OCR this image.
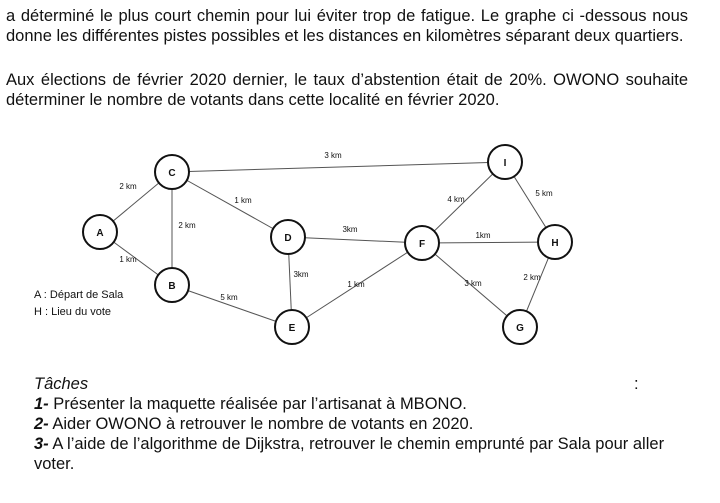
a déterminé le plus court chemin pour lui éviter trop de fatigue. Le graphe ci -dessous nous donne les différentes pistes possibles et les distances en kilomètres séparant deux quartiers.
Aux élections de février 2020 dernier, le taux d’abstention était de 20%. OWONO souhaite déterminer le nombre de votants dans cette localité en février 2020.
2 km
1 km
2 km
1 km
3 km
5 km
3km
3km
1 km
4 km
1km
3 km
5 km
2 km
A
B
C
D
E
F
G
H
I
A : Départ de Sala
H : Lieu du vote
Tâches	:
1- Présenter la maquette réalisée par l’artisanat à MBONO.
2- Aider OWONO à retrouver le nombre de votants en 2020.
3- A l’aide de l’algorithme de Dijkstra, retrouver le chemin emprunté par Sala pour aller voter.
